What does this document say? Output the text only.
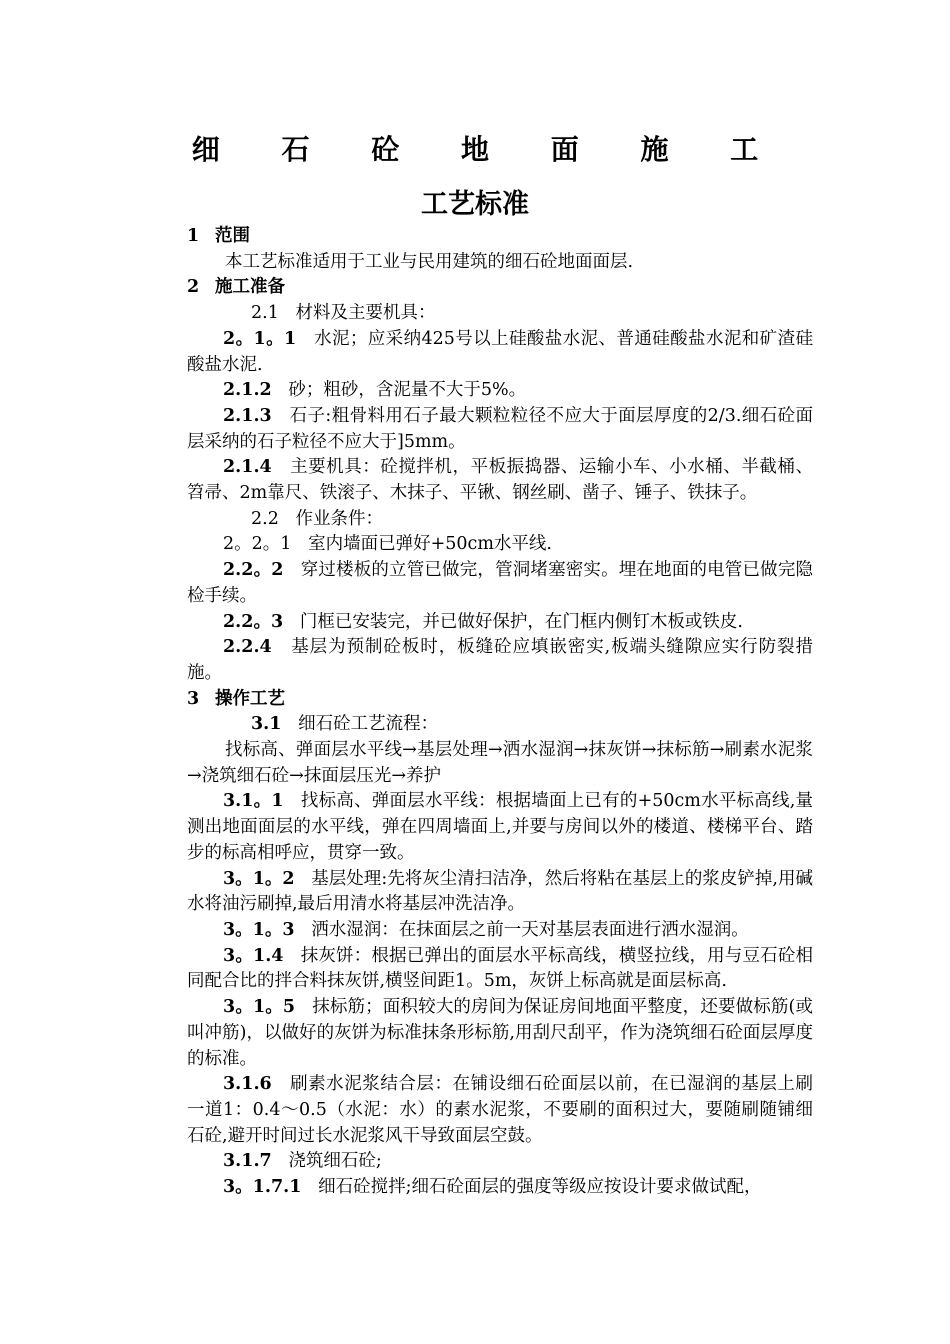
细 石 砼 地 面 施 工
工艺标准

1 范围

本工艺标准适用于工业与民用建筑的细石砼地面面层.

2 施工准备

2.1 材料及主要机具：

2。1。1 水泥；应采纳425号以上硅酸盐水泥、普通硅酸盐水泥和矿渣硅酸盐水泥.

2.1.2 砂；粗砂，含泥量不大于5%。

2.1.3 石子:粗骨料用石子最大颗粒粒径不应大于面层厚度的2/3.细石砼面层采纳的石子粒径不应大于]5mm。

2.1.4 主要机具：砼搅拌机，平板振捣器、运输小车、小水桶、半截桶、笤帚、2m靠尺、铁滚子、木抹子、平锹、钢丝刷、凿子、锤子、铁抹子。

2.2 作业条件：

2。2。1 室内墙面已弹好+50cm水平线.

2.2。2 穿过楼板的立管已做完，管洞堵塞密实。埋在地面的电管已做完隐检手续。

2.2。3 门框已安装完，并已做好保护，在门框内侧钉木板或铁皮.

2.2.4 基层为预制砼板时，板缝砼应填嵌密实,板端头缝隙应实行防裂措施。

3 操作工艺

3.1 细石砼工艺流程：

找标高、弹面层水平线→基层处理→洒水湿润→抹灰饼→抹标筋→刷素水泥浆→浇筑细石砼→抹面层压光→养护

3.1。1 找标高、弹面层水平线：根据墙面上已有的+50cm水平标高线,量测出地面面层的水平线，弹在四周墙面上,并要与房间以外的楼道、楼梯平台、踏步的标高相呼应，贯穿一致。

3。1。2 基层处理:先将灰尘清扫洁净，然后将粘在基层上的浆皮铲掉,用碱水将油污刷掉,最后用清水将基层冲洗洁净。

3。1。3 洒水湿润：在抹面层之前一天对基层表面进行洒水湿润。

3。1.4 抹灰饼：根据已弹出的面层水平标高线，横竖拉线，用与豆石砼相同配合比的拌合料抹灰饼,横竖间距1。5m，灰饼上标高就是面层标高.

3。1。5 抹标筋；面积较大的房间为保证房间地面平整度，还要做标筋(或叫冲筋)，以做好的灰饼为标准抹条形标筋,用刮尺刮平，作为浇筑细石砼面层厚度的标准。

3.1.6 刷素水泥浆结合层：在铺设细石砼面层以前，在已湿润的基层上刷一道1：0.4～0.5（水泥：水）的素水泥浆，不要刷的面积过大，要随刷随铺细石砼,避开时间过长水泥浆风干导致面层空鼓。

3.1.7 浇筑细石砼;

3。1.7.1 细石砼搅拌;细石砼面层的强度等级应按设计要求做试配，
